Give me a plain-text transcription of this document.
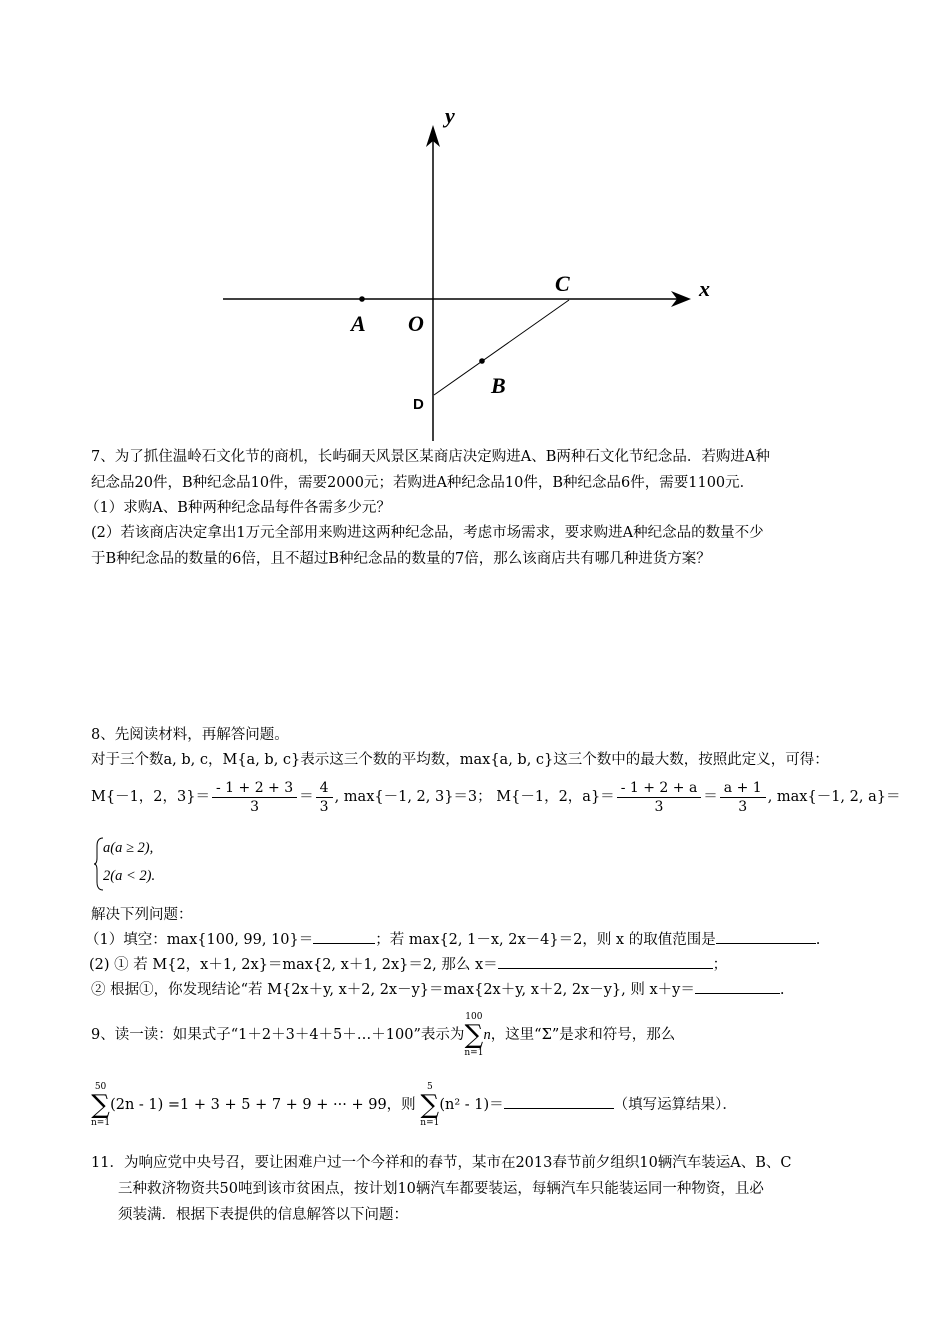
y
x
C
A O
B
D
7、为了抓住温岭石文化节的商机，长屿硐天风景区某商店决定购进A、B两种石文化节纪念品．若购进A种
纪念品20件，B种纪念品10件，需要2000元；若购进A种纪念品10件，B种纪念品6件，需要1100元．
（1）求购A、B种两种纪念品每件各需多少元？
(2）若该商店决定拿出1万元全部用来购进这两种纪念品，考虑市场需求，要求购进A种纪念品的数量不少
于B种纪念品的数量的6倍，且不超过B种纪念品的数量的7倍，那么该商店共有哪几种进货方案？
8、先阅读材料，再解答问题。
对于三个数a, b, c，M{a, b, c}表示这三个数的平均数，max{a, b, c}这三个数中的最大数，按照此定义，可得：
M{－1，2，$3\}= \frac{- 1 + 2 + 3}{3} = \frac{4}{3}$ , max{－1, 2, 3}＝3； M{－1，2，$a\}= \frac{- 1 + 2 + a}{3} = \frac{a + 1}{3}$ , max{－1, 2, a}＝
a(a ≥ 2),
2(a < 2).
解决下列问题：
（1）填空：max{100, 99, 10}＝	；若 max{2, 1－x, 2x－4}＝2，则 x 的取值范围是	.
(2) ① 若 M{2，x＋1, 2x}＝max{2, x＋1, 2x}＝2, 那么 x＝	；
② 根据①，你发现结论“若 M{2x＋y, x＋2, 2x－y}＝max{2x＋y, x＋2, 2x－y}, 则 x＋y＝	.
9、读一读：如果式子“1＋2＋3＋4＋5＋…＋100”表示为
100
∑
n=1
n，这里“Σ”是求和符号，那么
50
∑
n=1
(2n - 1) =1 + 3 + 5 + 7 + 9 + ··· + 99，则
5
∑
n=1
(n² - 1)＝	（填写运算结果）．
11．为响应党中央号召，要让困难户过一个今祥和的春节，某市在2013春节前夕组织10辆汽车装运A、B、C
三种救济物资共50吨到该市贫困点，按计划10辆汽车都要装运，每辆汽车只能装运同一种物资，且必
须装满．根据下表提供的信息解答以下问题：
